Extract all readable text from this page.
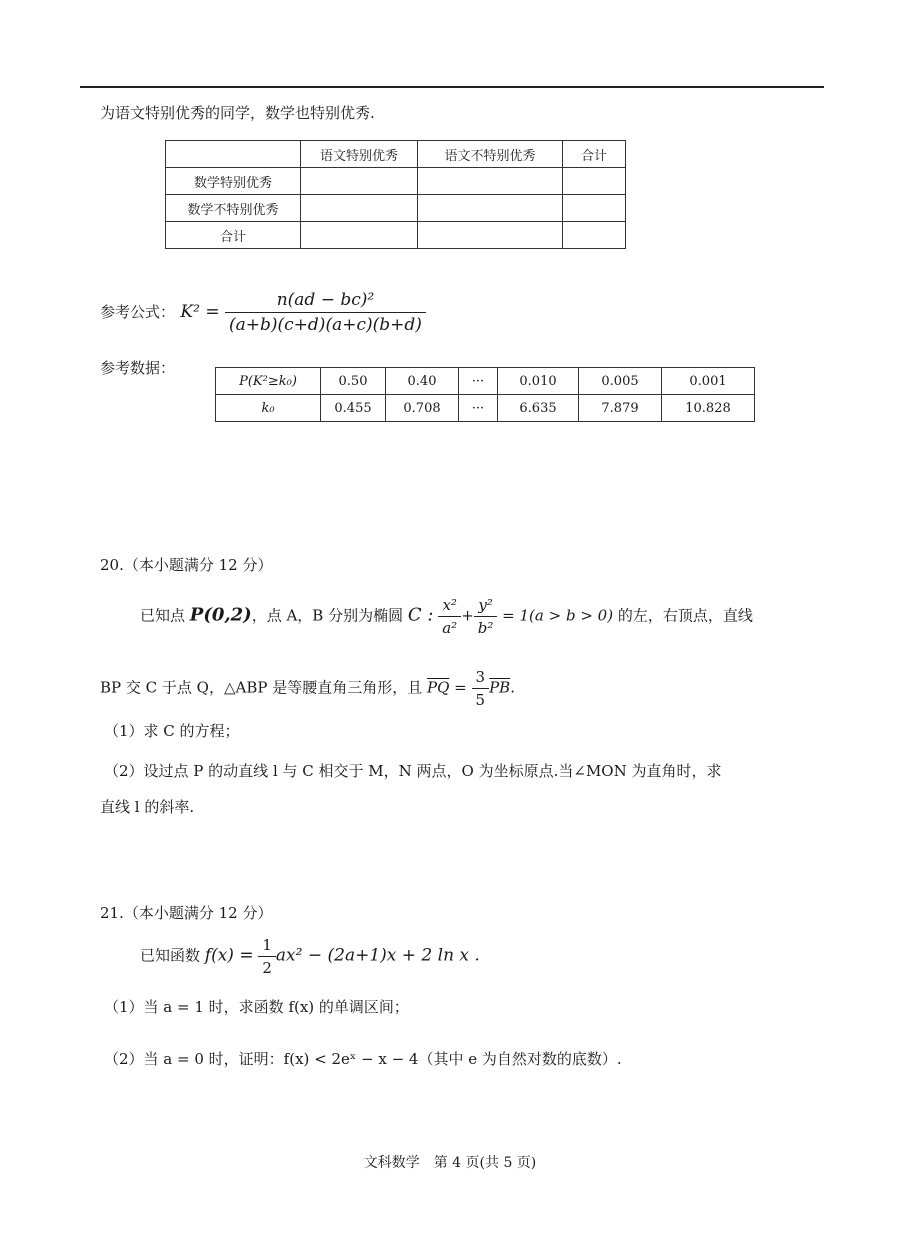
为语文特别优秀的同学，数学也特别优秀.
	语文特别优秀	语文不特别优秀	合计
数学特别优秀			
数学不特别优秀			
合计			
参考公式： $K^2 = \frac{\text{n(ad − bc)²}}{(a+b)(c+d)(a+c)(b+d)}$
参考数据：
P(K²≥k₀)	0.50	0.40	···	0.010	0.005	0.001
k₀	0.455	0.708	···	6.635	7.879	10.828
20.（本小题满分 12 分）
已知点 P(0,2)，点 A，B 分别为椭圆 C : $\frac{\text{x²}}{\text{a²}} + \frac{\text{y²}}{\text{b²}} = 1(a > b > 0)$ 的左，右顶点，直线
BP 交 C 于点 Q，△ABP 是等腰直角三角形，且 $\overline{PQ} = \frac{3}{5} \overline{PB}$.
（1）求 C 的方程；
（2）设过点 P 的动直线 l 与 C 相交于 M，N 两点，O 为坐标原点.当∠MON 为直角时，求
直线 l 的斜率.
21.（本小题满分 12 分）
已知函数 $f(x) = \frac{1}{2} ax^2 - (2a+1)x + 2$ ln x .
（1）当 a = 1 时，求函数 f(x) 的单调区间；
（2）当 a = 0 时，证明：f(x) < 2eˣ − x − 4（其中 e 为自然对数的底数）.
文科数学　第 4 页(共 5 页)
